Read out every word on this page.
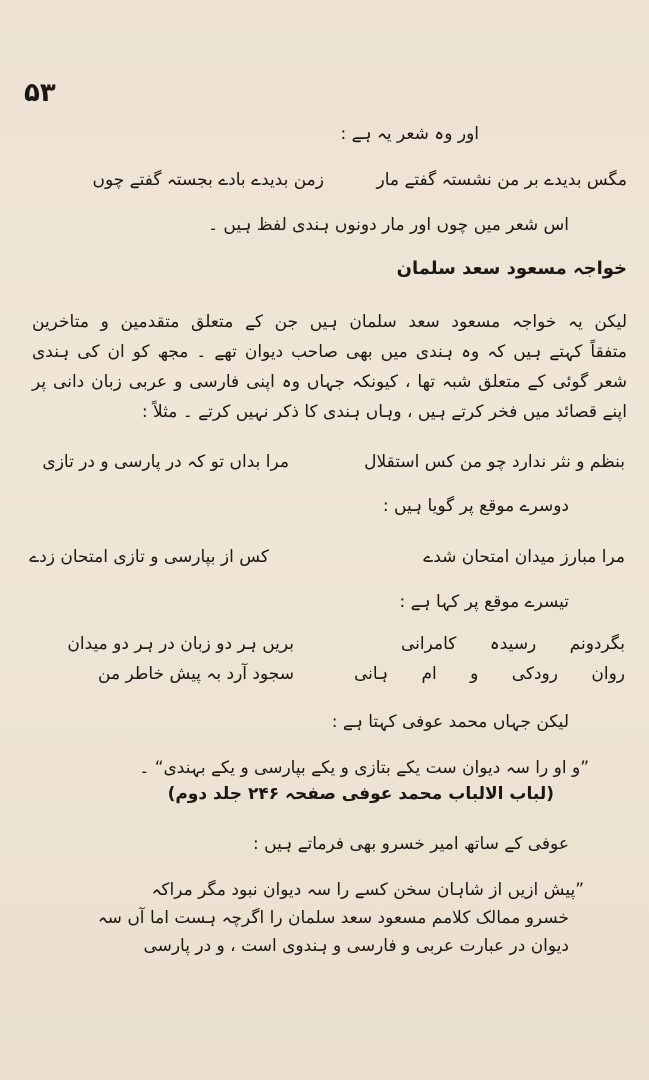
۵۳
اور وہ شعر یہ ہے :
زمن بدیدے بادے بجستہ گفتے چوں	مگس بدیدے بر من نشستہ گفتے مار
اس شعر میں چوں اور مار دونوں ہندی لفظ ہیں ۔
خواجہ مسعود سعد سلمان
لیکن یہ خواجہ مسعود سعد سلمان ہیں جن کے متعلق متقدمین و متاخرین
متفقاً کہتے ہیں کہ وہ ہندی میں بھی صاحب دیوان تھے ۔ مجھ کو ان کی ہندی
شعر گوئی کے متعلق شبہ تھا ، کیونکہ جہاں وہ اپنی فارسی و عربی زبان دانی پر
اپنے قصائد میں فخر کرتے ہیں ، وہاں ہندی کا ذکر نہیں کرتے ۔ مثلاً :
مرا بداں تو کہ در پارسی و در تازی	بنظم و نثر ندارد چو من کس استقلال
دوسرے موقع پر گویا ہیں :
کس از بپارسی و تازی امتحان زدے	مرا مبارز میدان امتحان شدے
تیسرے موقع پر کہا ہے :
بریں ہر دو زبان در ہر دو میدان	بگردونم رسیدہ کامرانی
سجود آرد بہ پیش خاطر من	روان رودکی و ام ہانی
لیکن جہاں محمد عوفی کہتا ہے :
”و او را سہ دیوان ست یکے بتازی و یکے بپارسی و یکے بہندی“ ۔
(لباب الالباب محمد عوفی صفحہ ۲۴۶ جلد دوم)
عوفی کے ساتھ امیر خسرو بھی فرماتے ہیں :
”پیش ازیں از شاہان سخن کسے را سہ دیوان نبود مگر مراکہ
خسرو ممالک کلامم مسعود سعد سلمان را اگرچہ ہست اما آں سہ
دیوان در عبارت عربی و فارسی و ہندوی است ، و در پارسی
